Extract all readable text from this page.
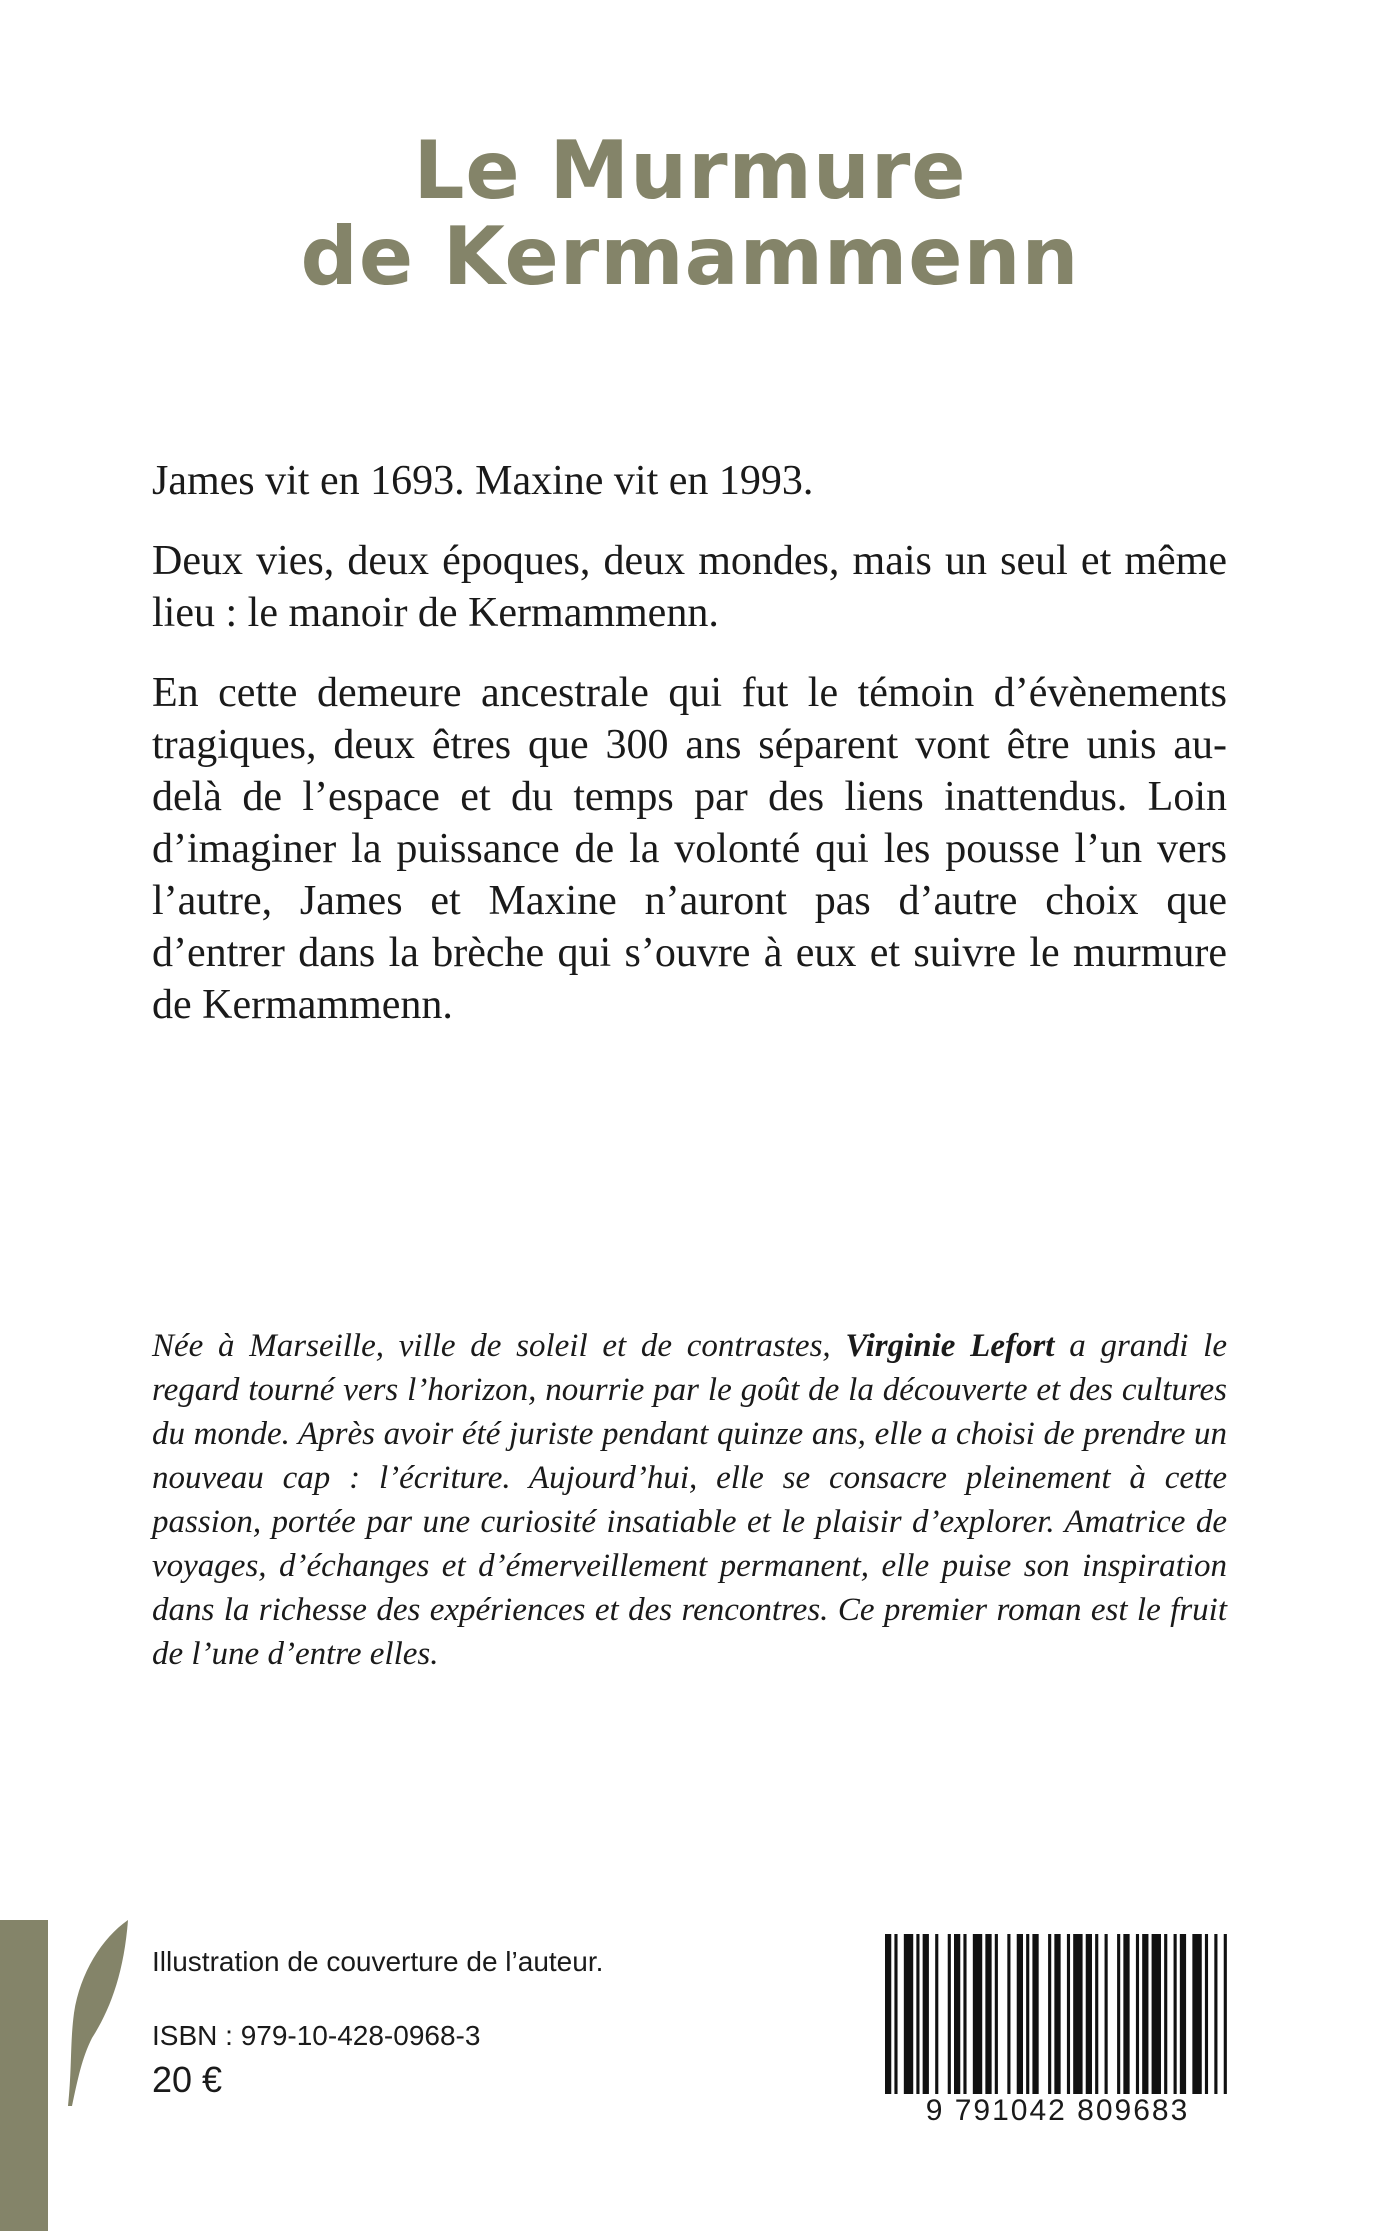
Le Murmure
de Kermammenn

James vit en 1693. Maxine vit en 1993.

Deux vies, deux époques, deux mondes, mais un seul et même lieu : le manoir de Kermammenn.

En cette demeure ancestrale qui fut le témoin d’évènements tragiques, deux êtres que 300 ans séparent vont être unis au-delà de l’espace et du temps par des liens inattendus. Loin d’imaginer la puissance de la volonté qui les pousse l’un vers l’autre, James et Maxine n’auront pas d’autre choix que d’entrer dans la brèche qui s’ouvre à eux et suivre le murmure de Kermammenn.

Née à Marseille, ville de soleil et de contrastes, Virginie Lefort a grandi le regard tourné vers l’horizon, nourrie par le goût de la découverte et des cultures du monde. Après avoir été juriste pendant quinze ans, elle a choisi de prendre un nouveau cap : l’écriture. Aujourd’hui, elle se consacre pleinement à cette passion, portée par une curiosité insatiable et le plaisir d’explorer. Amatrice de voyages, d’échanges et d’émerveillement permanent, elle puise son inspiration dans la richesse des expériences et des rencontres. Ce premier roman est le fruit de l’une d’entre elles.
Illustration de couverture de l’auteur.
ISBN : 979-10-428-0968-3
20 €
9 791042 809683
